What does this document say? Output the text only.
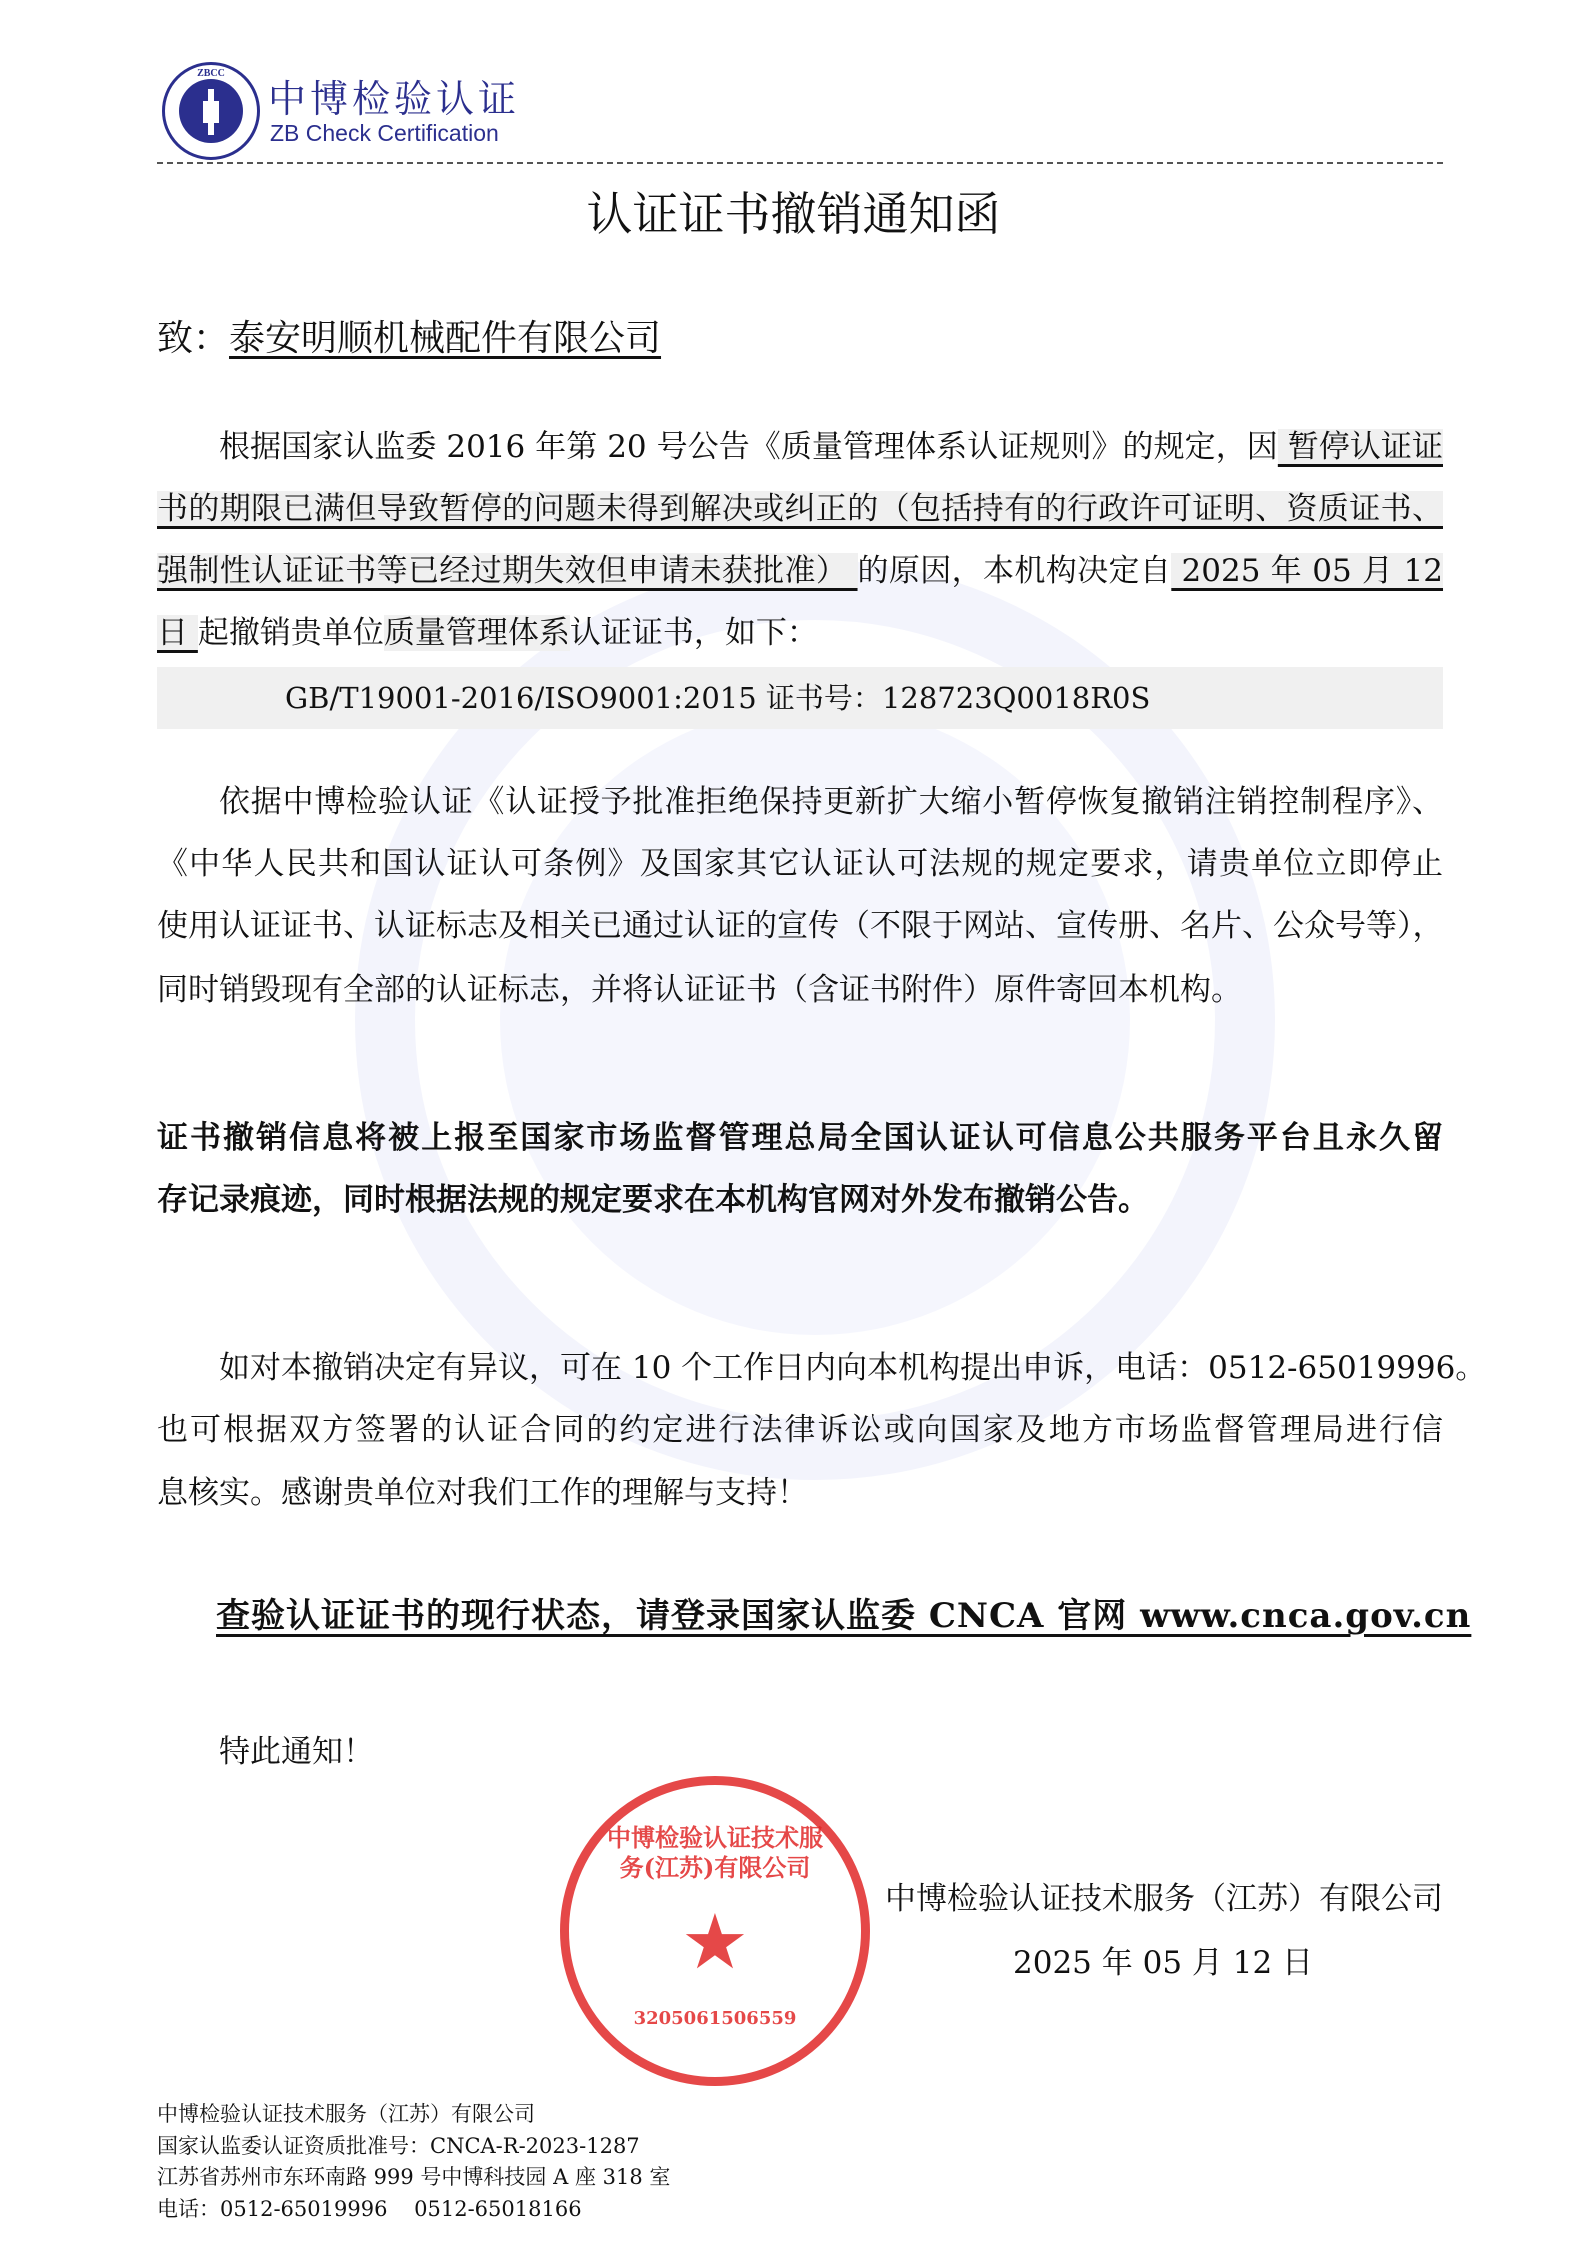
ZBCC
中博检验认证
ZB Check Certification
认证证书撤销通知函
致：泰安明顺机械配件有限公司
根据国家认监委 2016 年第 20 号公告《质量管理体系认证规则》的规定，因 暂停认证证
书的期限已满但导致暂停的问题未得到解决或纠正的（包括持有的行政许可证明、资质证书、
强制性认证证书等已经过期失效但申请未获批准） 的原因，本机构决定自 2025 年 05 月 12
日 起撤销贵单位质量管理体系认证证书，如下：
GB/T19001-2016/ISO9001:2015 证书号：128723Q0018R0S
依据中博检验认证《认证授予批准拒绝保持更新扩大缩小暂停恢复撤销注销控制程序》、
《中华人民共和国认证认可条例》及国家其它认证认可法规的规定要求，请贵单位立即停止
使用认证证书、认证标志及相关已通过认证的宣传（不限于网站、宣传册、名片、公众号等），
同时销毁现有全部的认证标志，并将认证证书（含证书附件）原件寄回本机构。
证书撤销信息将被上报至国家市场监督管理总局全国认证认可信息公共服务平台且永久留
存记录痕迹，同时根据法规的规定要求在本机构官网对外发布撤销公告。
如对本撤销决定有异议，可在 10 个工作日内向本机构提出申诉，电话：0512-65019996。
也可根据双方签署的认证合同的约定进行法律诉讼或向国家及地方市场监督管理局进行信
息核实。感谢贵单位对我们工作的理解与支持！
查验认证证书的现行状态，请登录国家认监委 CNCA 官网 www.cnca.gov.cn
特此通知！
中博检验认证技术服务(江苏)有限公司
★
3205061506559
中博检验认证技术服务（江苏）有限公司
2025 年 05 月 12 日
中博检验认证技术服务（江苏）有限公司
国家认监委认证资质批准号：CNCA-R-2023-1287
江苏省苏州市东环南路 999 号中博科技园 A 座 318 室
电话：0512-65019996    0512-65018166
